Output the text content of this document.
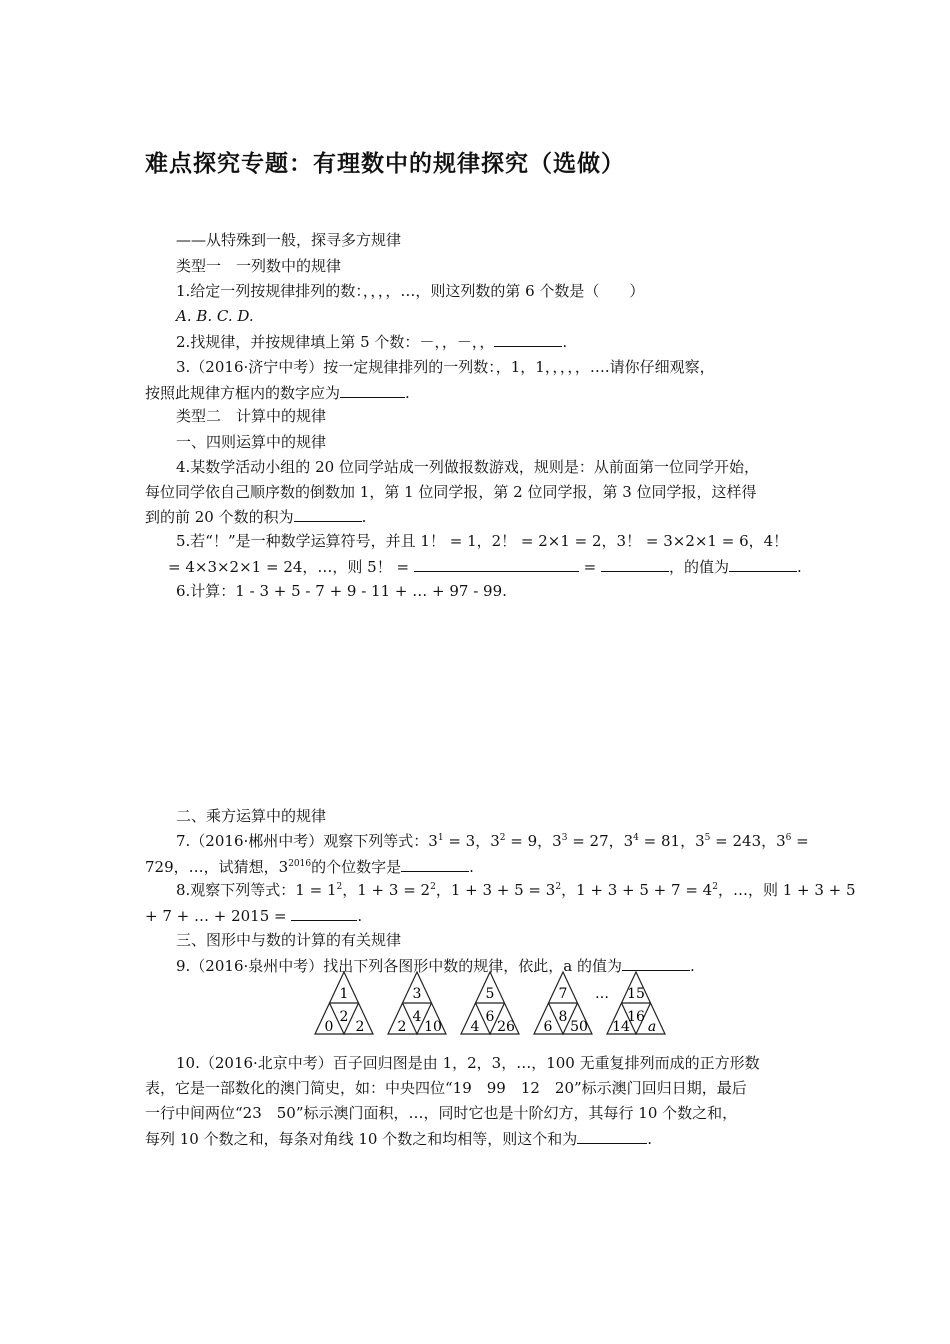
难点探究专题：有理数中的规律探究（选做）
——从特殊到一般，探寻多方规律
类型一　一列数中的规律
1.给定一列按规律排列的数：，，，，…，则这列数的第 6 个数是（　　）
A. B. C. D.
2.找规律，并按规律填上第 5 个数：－，，－，，	.
3.（2016·济宁中考）按一定规律排列的一列数：，1，1，，，，，….请你仔细观察，
按照此规律方框内的数字应为	.
类型二　计算中的规律
一、四则运算中的规律
4.某数学活动小组的 20 位同学站成一列做报数游戏，规则是：从前面第一位同学开始，
每位同学依自己顺序数的倒数加 1，第 1 位同学报，第 2 位同学报，第 3 位同学报，这样得
到的前 20 个数的积为	.
5.若“！”是一种数学运算符号，并且 1！ = 1，2！ = 2×1 = 2，3！ = 3×2×1 = 6，4！
= 4×3×2×1 = 24，…，则 5！ =	=	，的值为	.
6.计算：1 - 3 + 5 - 7 + 9 - 11 + … + 97 - 99.
二、乘方运算中的规律
7.（2016·郴州中考）观察下列等式：$3^1 = 3$，$3^2 = 9$，$3^3 = 27$，$3^4 = 81$，$3^5 = 243$，$3^6$ =
729，…，试猜想，$3^{2016}$的个位数字是	.
8.观察下列等式：$1 = 1^2$，$1 + 3 = 2^2$，$1 + 3 + 5 = 3^2$，$1 + 3 + 5 + 7 = 4^2$，…，则 1 + 3 + 5
+ 7 + … + 2015 =	.
三、图形中与数的计算的有关规律
9.（2016·泉州中考）找出下列各图形中数的规律，依此，a 的值为	.
1
2
0 2
3
4
2 10
5
6
4 26
7
8
6 50
… 15
16
14 a
10.（2016·北京中考）百子回归图是由 1，2，3，…，100 无重复排列而成的正方形数
表，它是一部数化的澳门简史，如：中央四位“19　99　12　20”标示澳门回归日期，最后
一行中间两位“23　50”标示澳门面积，…，同时它也是十阶幻方，其每行 10 个数之和，
每列 10 个数之和，每条对角线 10 个数之和均相等，则这个和为	.
